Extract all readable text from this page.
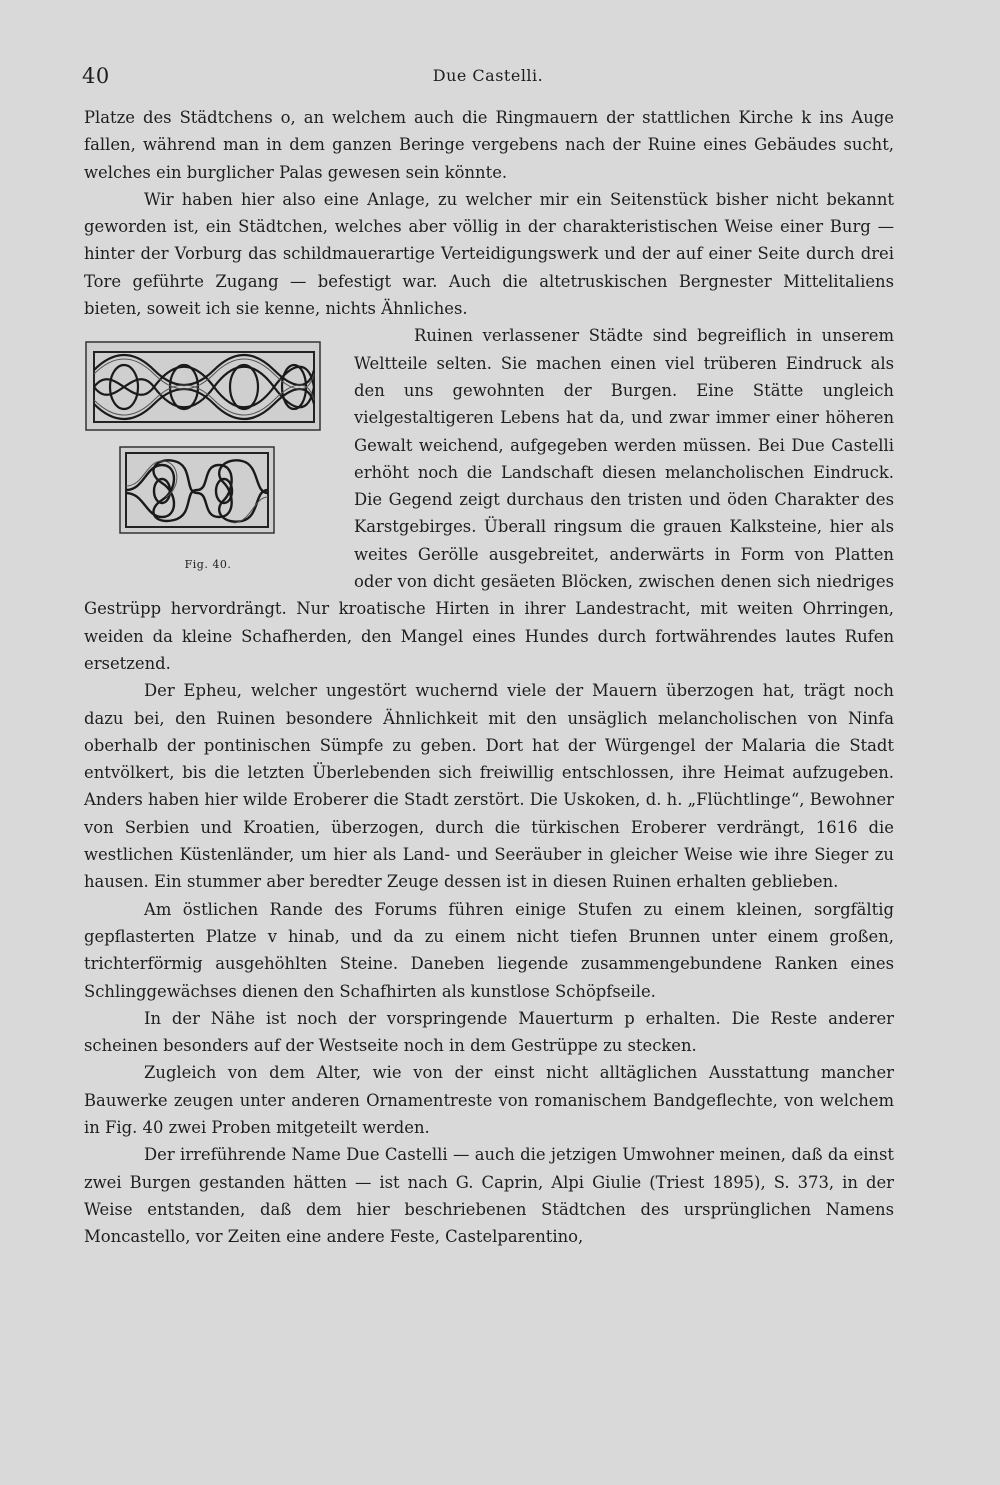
40	Due Castelli.

Platze des Städtchens o, an welchem auch die Ringmauern der stattlichen Kirche k ins Auge fallen, während man in dem ganzen Beringe vergebens nach der Ruine eines Gebäudes sucht, welches ein burglicher Palas gewesen sein könnte.

Wir haben hier also eine Anlage, zu welcher mir ein Seitenstück bisher nicht bekannt geworden ist, ein Städtchen, welches aber völlig in der charakteristischen Weise einer Burg — hinter der Vorburg das schildmauerartige Verteidigungswerk und der auf einer Seite durch drei Tore geführte Zugang — befestigt war. Auch die altetruskischen Bergnester Mittelitaliens bieten, soweit ich sie kenne, nichts Ähnliches.

Fig. 40.

Ruinen verlassener Städte sind begreiflich in unserem Weltteile selten. Sie machen einen viel trüberen Eindruck als den uns gewohnten der Burgen. Eine Stätte ungleich vielgestaltigeren Lebens hat da, und zwar immer einer höheren Gewalt weichend, aufgegeben werden müssen. Bei Due Castelli erhöht noch die Landschaft diesen melancholischen Eindruck. Die Gegend zeigt durchaus den tristen und öden Charakter des Karstgebirges. Überall ringsum die grauen Kalksteine, hier als weites Gerölle ausgebreitet, anderwärts in Form von Platten oder von dicht gesäeten Blöcken, zwischen denen sich niedriges Gestrüpp hervordrängt. Nur kroatische Hirten in ihrer Landestracht, mit weiten Ohrringen, weiden da kleine Schafherden, den Mangel eines Hundes durch fortwährendes lautes Rufen ersetzend.

Der Epheu, welcher ungestört wuchernd viele der Mauern überzogen hat, trägt noch dazu bei, den Ruinen besondere Ähnlichkeit mit den unsäglich melancholischen von Ninfa oberhalb der pontinischen Sümpfe zu geben. Dort hat der Würgengel der Malaria die Stadt entvölkert, bis die letzten Überlebenden sich freiwillig entschlossen, ihre Heimat aufzugeben. Anders haben hier wilde Eroberer die Stadt zerstört. Die Uskoken, d. h. „Flüchtlinge“, Bewohner von Serbien und Kroatien, überzogen, durch die türkischen Eroberer verdrängt, 1616 die westlichen Küstenländer, um hier als Land- und Seeräuber in gleicher Weise wie ihre Sieger zu hausen. Ein stummer aber beredter Zeuge dessen ist in diesen Ruinen erhalten geblieben.

Am östlichen Rande des Forums führen einige Stufen zu einem kleinen, sorgfältig gepflasterten Platze v hinab, und da zu einem nicht tiefen Brunnen unter einem großen, trichterförmig ausgehöhlten Steine. Daneben liegende zusammengebundene Ranken eines Schlinggewächses dienen den Schafhirten als kunstlose Schöpfseile.

In der Nähe ist noch der vorspringende Mauerturm p erhalten. Die Reste anderer scheinen besonders auf der Westseite noch in dem Gestrüppe zu stecken.

Zugleich von dem Alter, wie von der einst nicht alltäglichen Ausstattung mancher Bauwerke zeugen unter anderen Ornamentreste von romanischem Bandgeflechte, von welchem in Fig. 40 zwei Proben mitgeteilt werden.

Der irreführende Name Due Castelli — auch die jetzigen Umwohner meinen, daß da einst zwei Burgen gestanden hätten — ist nach G. Caprin, Alpi Giulie (Triest 1895), S. 373, in der Weise entstanden, daß dem hier beschriebenen Städtchen des ursprünglichen Namens Moncastello, vor Zeiten eine andere Feste, Castelparentino,
